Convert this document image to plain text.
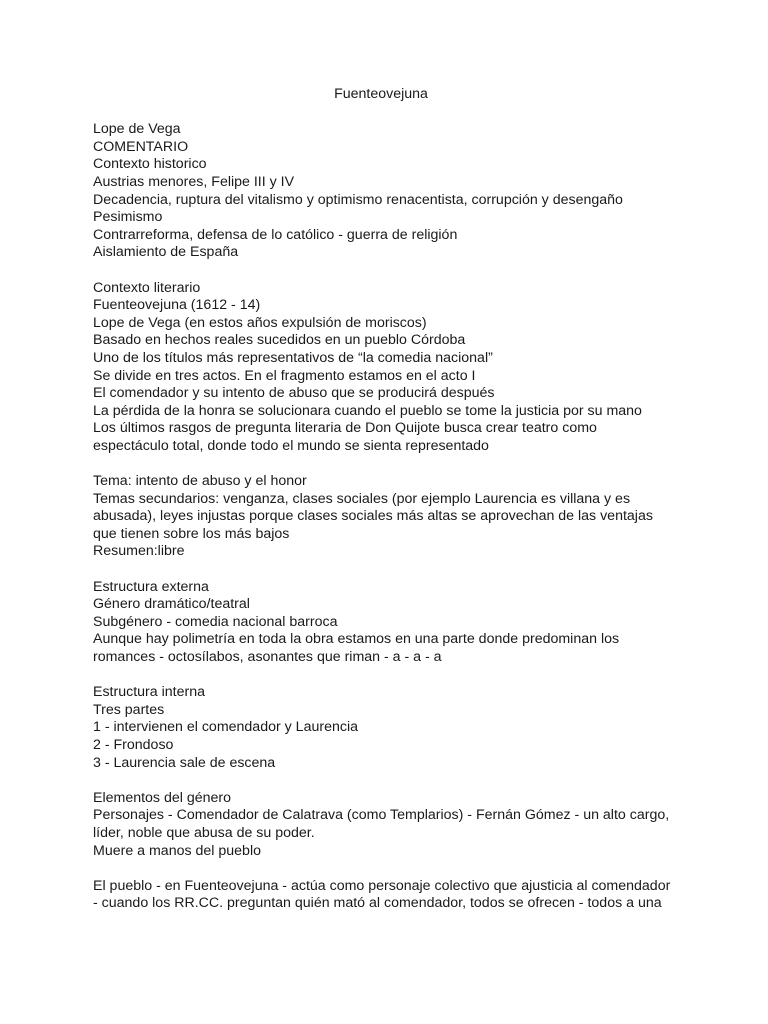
Fuenteovejuna
Lope de Vega
COMENTARIO
Contexto historico
Austrias menores, Felipe III y IV
Decadencia, ruptura del vitalismo y optimismo renacentista, corrupción y desengaño
Pesimismo
Contrarreforma, defensa de lo católico - guerra de religión
Aislamiento de España
Contexto literario
Fuenteovejuna (1612 - 14)
Lope de Vega (en estos años expulsión de moriscos)
Basado en hechos reales sucedidos en un pueblo Córdoba
Uno de los títulos más representativos de “la comedia nacional”
Se divide en tres actos. En el fragmento estamos en el acto I
El comendador y su intento de abuso que se producirá después
La pérdida de la honra se solucionara cuando el pueblo se tome la justicia por su mano
Los últimos rasgos de pregunta literaria de Don Quijote busca crear teatro como
espectáculo total, donde todo el mundo se sienta representado
Tema: intento de abuso y el honor
Temas secundarios: venganza, clases sociales (por ejemplo Laurencia es villana y es
abusada), leyes injustas porque clases sociales más altas se aprovechan de las ventajas
que tienen sobre los más bajos
Resumen:libre
Estructura externa
Género dramático/teatral
Subgénero - comedia nacional barroca
Aunque hay polimetría en toda la obra estamos en una parte donde predominan los
romances - octosílabos, asonantes que riman - a - a - a
Estructura interna
Tres partes
1 - intervienen el comendador y Laurencia
2 - Frondoso
3 - Laurencia sale de escena
Elementos del género
Personajes - Comendador de Calatrava (como Templarios) - Fernán Gómez - un alto cargo,
líder, noble que abusa de su poder.
Muere a manos del pueblo
El pueblo - en Fuenteovejuna - actúa como personaje colectivo que ajusticia al comendador
- cuando los RR.CC. preguntan quién mató al comendador, todos se ofrecen - todos a una
